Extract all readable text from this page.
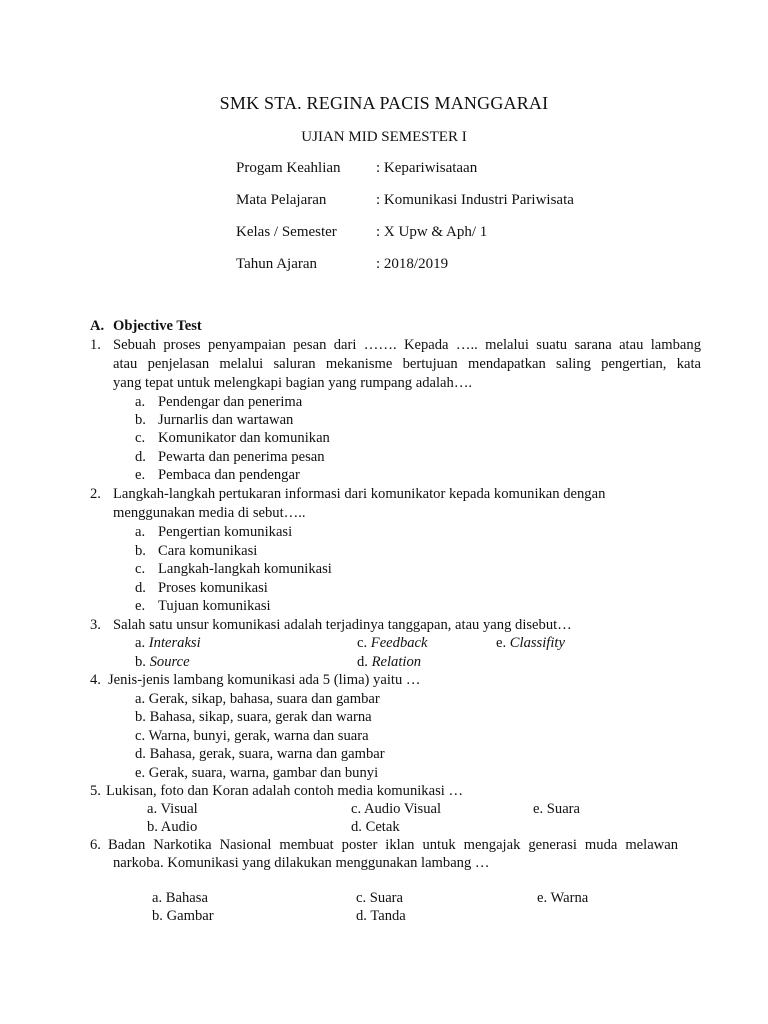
SMK STA. REGINA PACIS MANGGARAI
UJIAN MID SEMESTER I
Progam Keahlian : Kepariwisataan
Mata Pelajaran	: Komunikasi Industri Pariwisata
Kelas / Semester	: X Upw & Aph/ 1
Tahun Ajaran	: 2018/2019
A. Objective Test
1. Sebuah proses penyampaian pesan dari ……. Kepada ….. melalui suatu sarana atau lambang
atau penjelasan melalui saluran mekanisme bertujuan mendapatkan saling pengertian, kata
yang tepat untuk melengkapi bagian yang rumpang adalah….
a. Pendengar dan penerima
b. Jurnarlis dan wartawan
c. Komunikator dan komunikan
d. Pewarta dan penerima pesan
e. Pembaca dan pendengar
2. Langkah-langkah pertukaran informasi dari komunikator kepada komunikan dengan
menggunakan media di sebut…..
a. Pengertian komunikasi
b. Cara komunikasi
c. Langkah-langkah komunikasi
d. Proses komunikasi
e. Tujuan komunikasi
3. Salah satu unsur komunikasi adalah terjadinya tanggapan, atau yang disebut…
a. Interaksi	c. Feedback	e. Classifity
b. Source	d. Relation
4. Jenis-jenis lambang komunikasi ada 5 (lima) yaitu …
a. Gerak, sikap, bahasa, suara dan gambar
b. Bahasa, sikap, suara, gerak dan warna
c. Warna, bunyi, gerak, warna dan suara
d. Bahasa, gerak, suara, warna dan gambar
e. Gerak, suara, warna, gambar dan bunyi
5. Lukisan, foto dan Koran adalah contoh media komunikasi …
a. Visual	c. Audio Visual	e. Suara
b. Audio	d. Cetak
6. Badan Narkotika Nasional membuat poster iklan untuk mengajak generasi muda melawan
narkoba. Komunikasi yang dilakukan menggunakan lambang …
a. Bahasa	c. Suara	e. Warna
b. Gambar	d. Tanda
